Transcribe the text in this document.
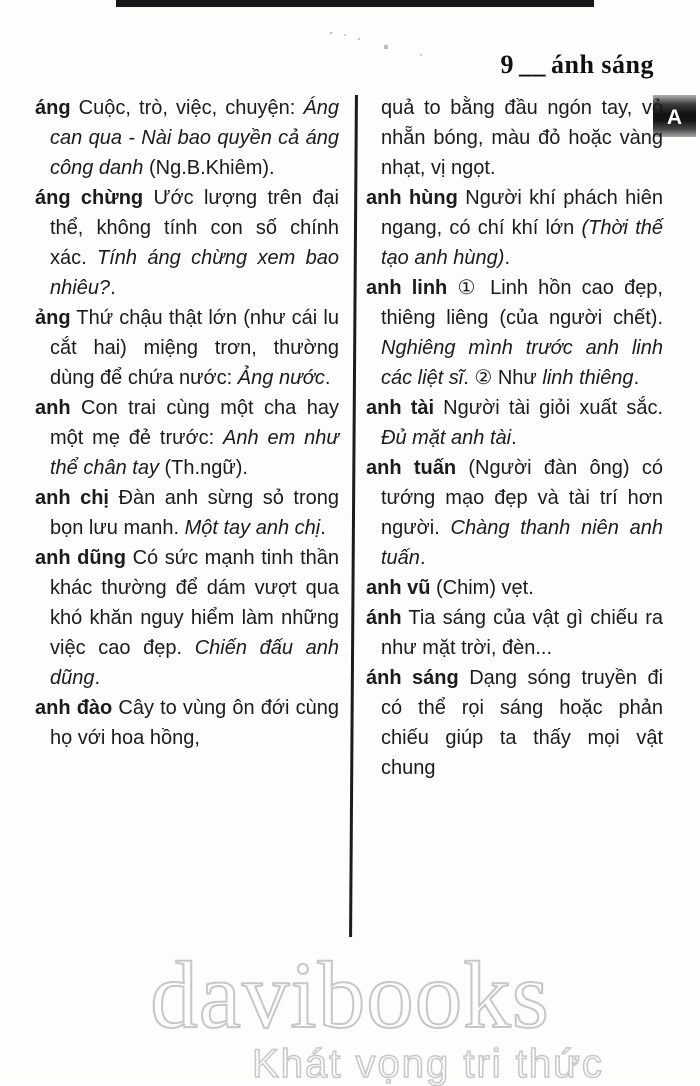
9 __ ánh sáng
A

áng Cuộc, trò, việc, chuyện: Áng can qua - Nài bao quyền cả áng công danh (Ng.B.Khiêm).

áng chừng Ước lượng trên đại thể, không tính con số chính xác. Tính áng chừng xem bao nhiêu?.

ảng Thứ chậu thật lớn (như cái lu cắt hai) miệng trơn, thường dùng để chứa nước: Ảng nước.

anh Con trai cùng một cha hay một mẹ đẻ trước: Anh em như thể chân tay (Th.ngữ).

anh chị Đàn anh sừng sỏ trong bọn lưu manh. Một tay anh chị.

anh dũng Có sức mạnh tinh thần khác thường để dám vượt qua khó khăn nguy hiểm làm những việc cao đẹp. Chiến đấu anh dũng.

anh đào Cây to vùng ôn đới cùng họ với hoa hồng,

quả to bằng đầu ngón tay, vỏ nhẵn bóng, màu đỏ hoặc vàng nhạt, vị ngọt.

anh hùng Người khí phách hiên ngang, có chí khí lớn (Thời thế tạo anh hùng).

anh linh ① Linh hồn cao đẹp, thiêng liêng (của người chết). Nghiêng mình trước anh linh các liệt sĩ. ② Như linh thiêng.

anh tài Người tài giỏi xuất sắc. Đủ mặt anh tài.

anh tuấn (Người đàn ông) có tướng mạo đẹp và tài trí hơn người. Chàng thanh niên anh tuấn.

anh vũ (Chim) vẹt.

ánh Tia sáng của vật gì chiếu ra như mặt trời, đèn...

ánh sáng Dạng sóng truyền đi có thể rọi sáng hoặc phản chiếu giúp ta thấy mọi vật chung

davibooks
Khát vọng tri thức
